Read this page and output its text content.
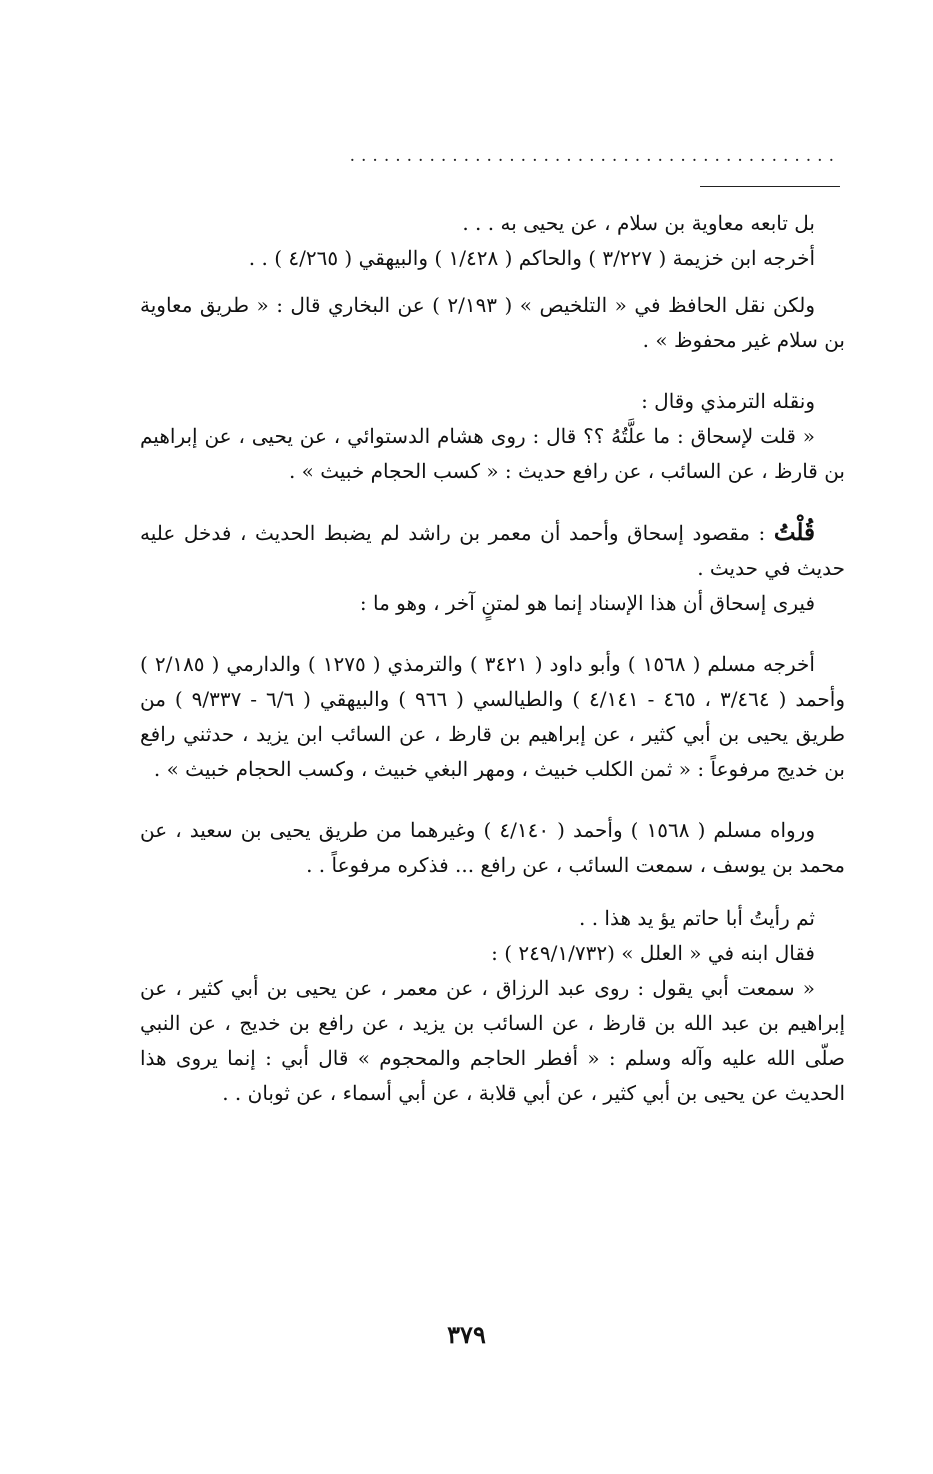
...........................................

بل تابعه معاوية بن سلام ، عن يحيى به . . .

أخرجه ابن خزيمة ( ٣/٢٢٧ ) والحاكم ( ١/٤٢٨ ) والبيهقي ( ٤/٢٦٥ ) . .

ولكن نقل الحافظ في « التلخيص » ( ٢/١٩٣ ) عن البخاري قال : « طريق معاوية بن سلام غير محفوظ » .

ونقله الترمذي وقال :

« قلت لإسحاق : ما علَّتُهُ ؟؟ قال : روى هشام الدستوائي ، عن يحيى ، عن إبراهيم بن قارظ ، عن السائب ، عن رافع حديث : « كسب الحجام خبيث » .

قُلْتُ : مقصود إسحاق وأحمد أن معمر بن راشد لم يضبط الحديث ، فدخل عليه حديث في حديث .

فيرى إسحاق أن هذا الإسناد إنما هو لمتنٍ آخر ، وهو ما :

أخرجه مسلم ( ١٥٦٨ ) وأبو داود ( ٣٤٢١ ) والترمذي ( ١٢٧٥ ) والدارمي ( ٢/١٨٥ ) وأحمد ( ٣/٤٦٤ ، ٤٦٥ - ٤/١٤١ ) والطيالسي ( ٩٦٦ ) والبيهقي ( ٦/٦ - ٩/٣٣٧ ) من طريق يحيى بن أبي كثير ، عن إبراهيم بن قارظ ، عن السائب ابن يزيد ، حدثني رافع بن خديج مرفوعاً : « ثمن الكلب خبيث ، ومهر البغي خبيث ، وكسب الحجام خبيث » .

ورواه مسلم ( ١٥٦٨ ) وأحمد ( ٤/١٤٠ ) وغيرهما من طريق يحيى بن سعيد ، عن محمد بن يوسف ، سمعت السائب ، عن رافع ... فذكره مرفوعاً . .

ثم رأيتُ أبا حاتم يؤ يد هذا . .

فقال ابنه في « العلل » (٢٤٩/١/٧٣٢ ) :

« سمعت أبي يقول : روى عبد الرزاق ، عن معمر ، عن يحيى بن أبي كثير ، عن إبراهيم بن عبد الله بن قارظ ، عن السائب بن يزيد ، عن رافع بن خديج ، عن النبي صلّى الله عليه وآله وسلم : « أفطر الحاجم والمحجوم » قال أبي : إنما يروى هذا الحديث عن يحيى بن أبي كثير ، عن أبي قلابة ، عن أبي أسماء ، عن ثوبان . .

٣٧٩
